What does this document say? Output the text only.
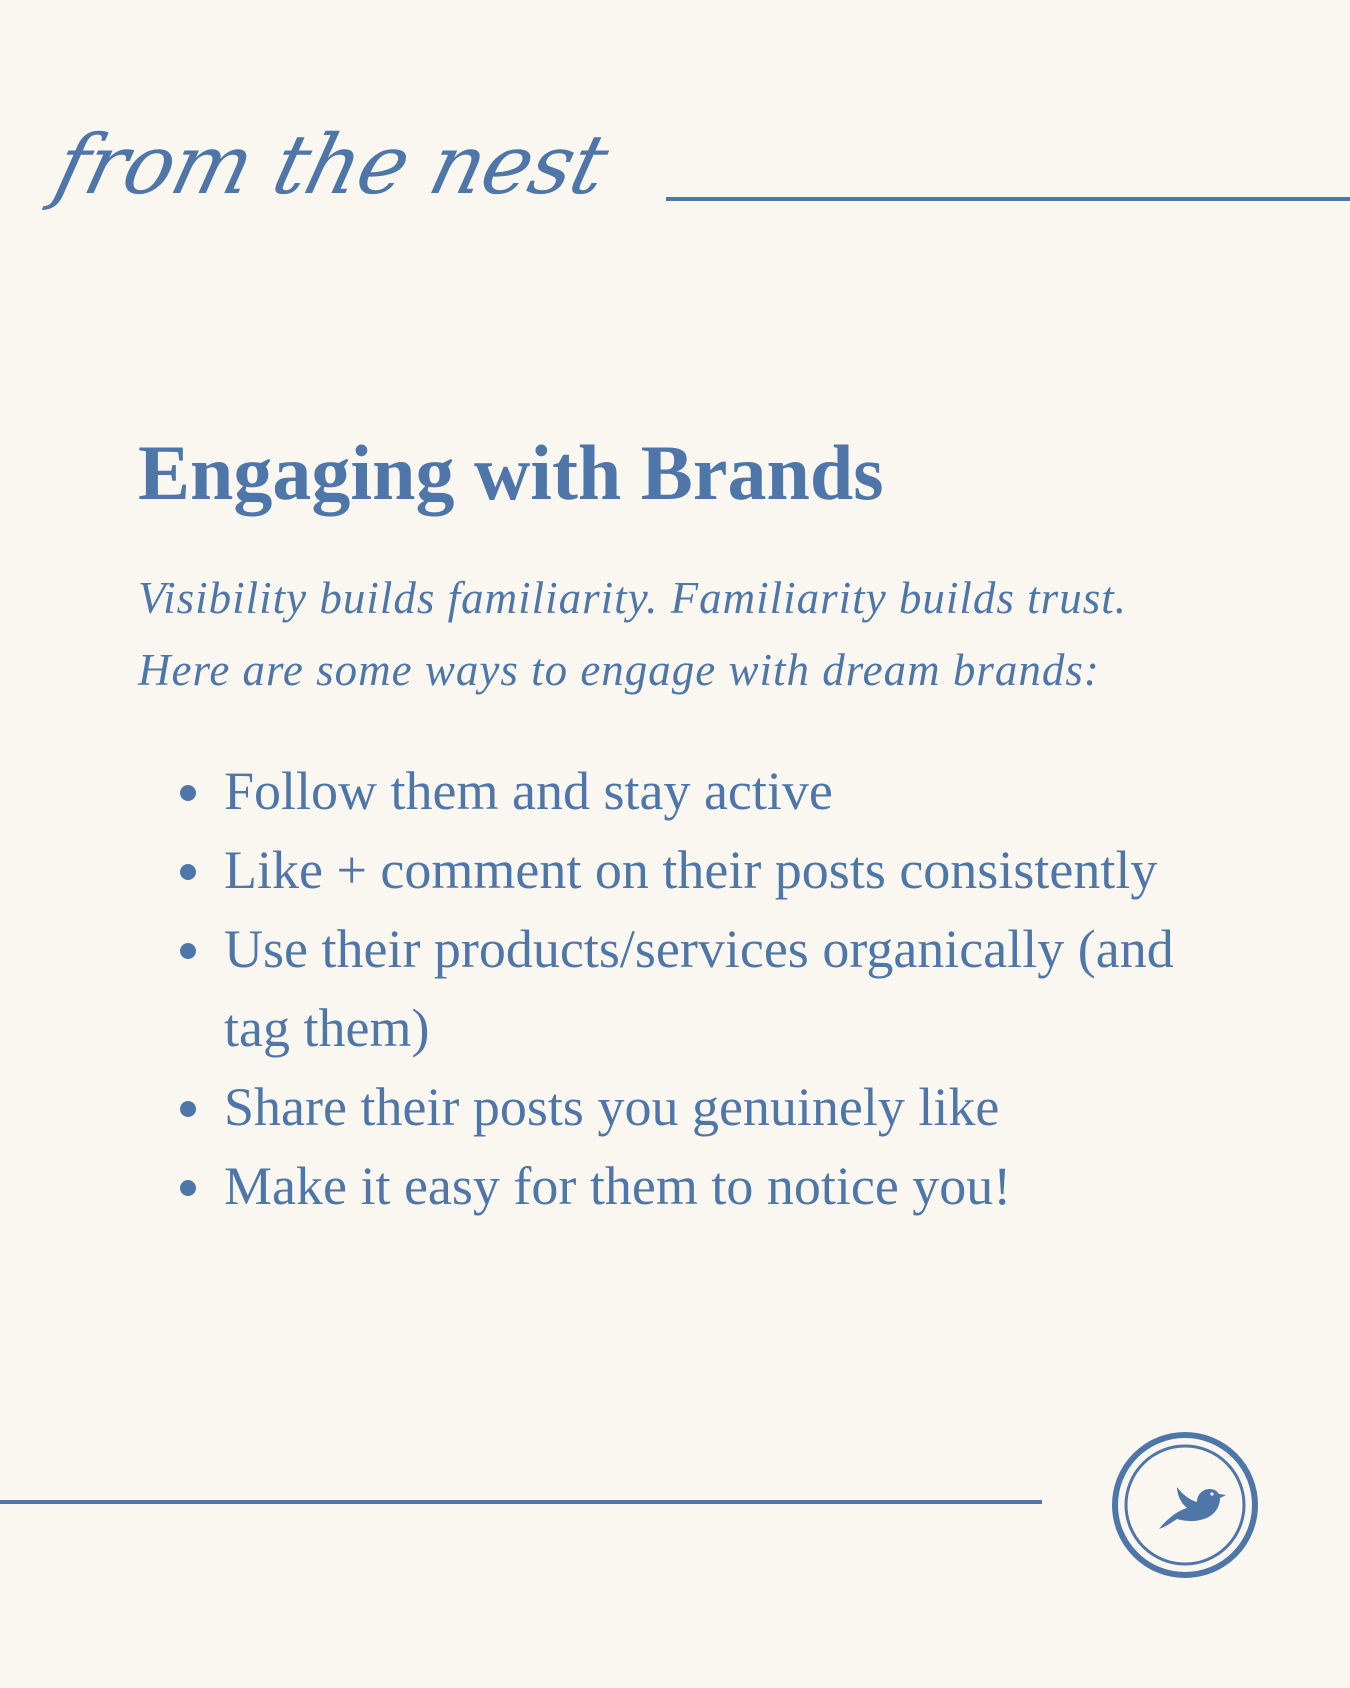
from the nest
Engaging with Brands

Visibility builds familiarity. Familiarity builds trust.
Here are some ways to engage with dream brands:

Follow them and stay active
Like + comment on their posts consistently
Use their products/services organically (and tag them)
Share their posts you genuinely like
Make it easy for them to notice you!
